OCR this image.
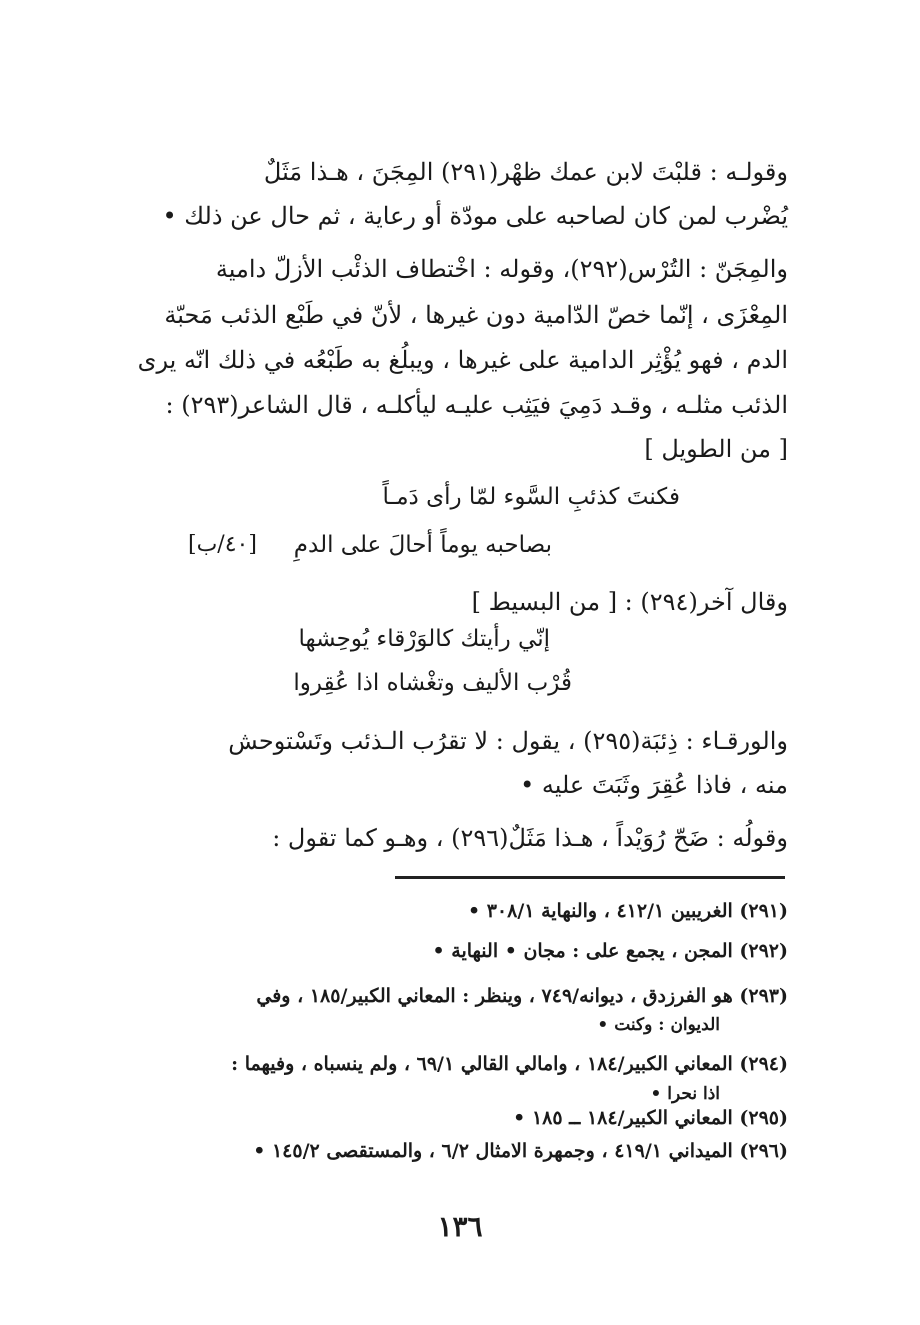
وقولـه : قلبْتَ لابن عمك ظهْر(٢٩١) المِجَنَ ، هـذا مَثَلٌ
يُضْرب لمن كان لصاحبه على مودّة أو رعاية ، ثم حال عن ذلك •
والمِجَنّ : التُرْس(٢٩٢)، وقوله : اخْتطاف الذئْب الأزلّ دامية
المِعْزَى ، إنّما خصّ الدّامية دون غيرها ، لأنّ في طَبْع الذئب مَحبّة
الدم ، فهو يُؤْثِر الدامية على غيرها ، ويبلُغ به طَبْعُه في ذلك انّه يرى
الذئب مثلـه ، وقـد دَمِيَ فيَثِب عليـه ليأكلـه ، قال الشاعر(٢٩٣) :
[ من الطويل ]
فكنتَ كذئبِ السَّوء لمّا رأى دَمـاً
بصاحبه يوماً أحالَ على الدمِ
[٤٠/ب]
وقال آخر(٢٩٤) : [ من البسيط ]
إنّي رأيتك كالوَرْقاء يُوحِشها
قُرْب الأليف وتغْشاه اذا عُقِروا
والورقـاء : ذِئبَة(٢٩٥) ، يقول : لا تقرُب الـذئب وتَسْتوحش
منه ، فاذا عُقِرَ وثَبَتَ عليه •
وقولُه : ضَحّ رُوَيْداً ، هـذا مَثَلٌ(٢٩٦) ، وهـو كما تقول :
(٢٩١) الغريبين ٤١٢/١ ، والنهاية ٣٠٨/١ •
(٢٩٢) المجن ، يجمع على : مجان • النهاية •
(٢٩٣) هو الفرزدق ، ديوانه/٧٤٩ ، وينظر : المعاني الكبير/١٨٥ ، وفي
الديوان : وكنت •
(٢٩٤) المعاني الكبير/١٨٤ ، وامالي القالي ٦٩/١ ، ولم ينسباه ، وفيهما :
اذا نحرا •
(٢٩٥) المعاني الكبير/١٨٤ ــ ١٨٥ •
(٢٩٦) الميداني ٤١٩/١ ، وجمهرة الامثال ٦/٢ ، والمستقصى ١٤٥/٢ •
١٣٦
